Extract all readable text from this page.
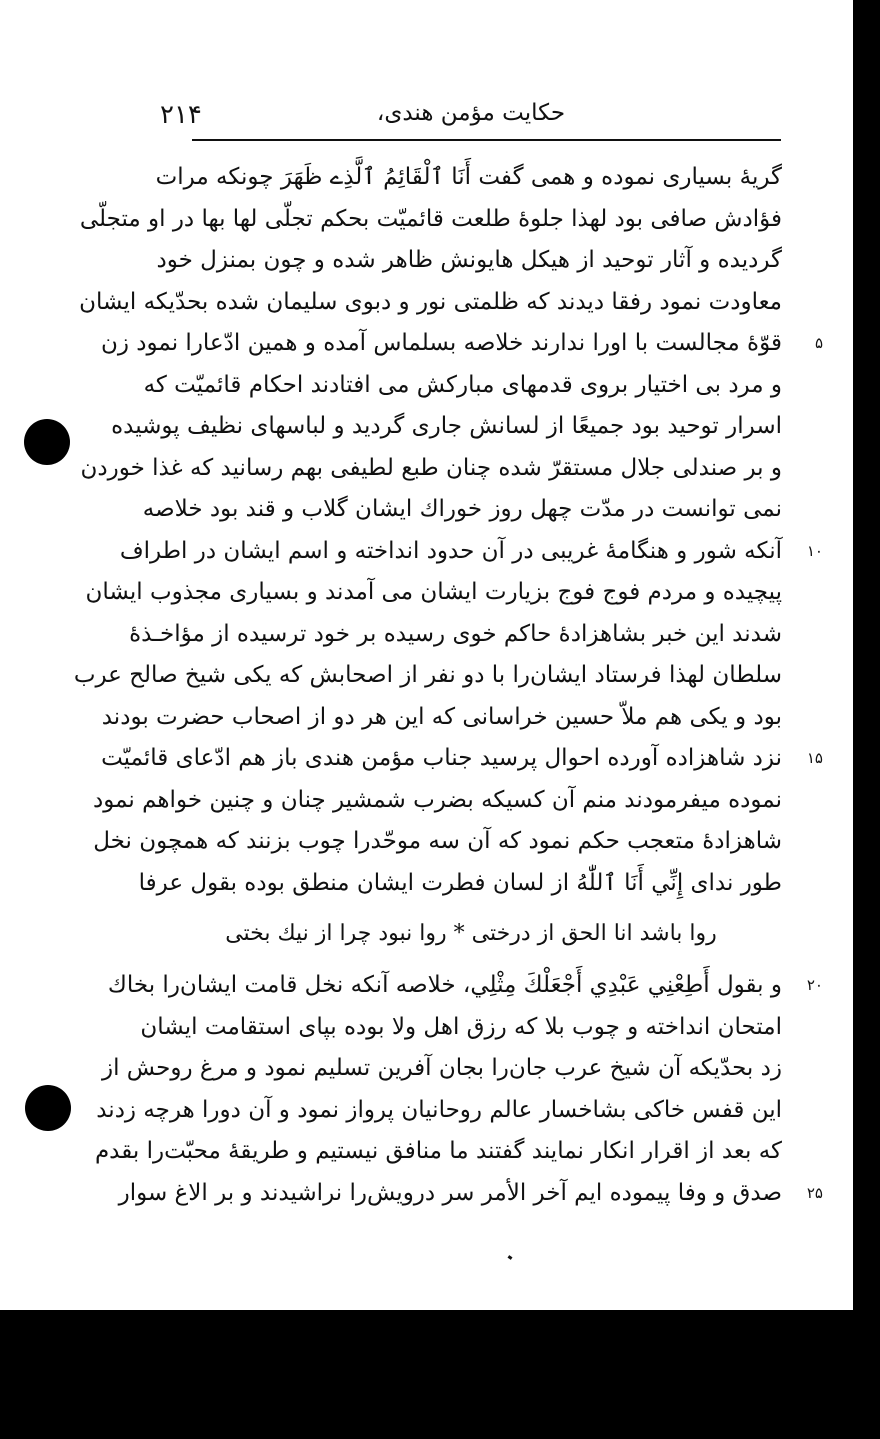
۲۱۴	حکایت مؤمن هندی،
گریهٔ بسیاری نموده و همی گفت أَنَا ٱلْقَائِمُ ٱلَّذِے ظَهَرَ چونکه مرات
فؤادش صافی بود لهذا جلوهٔ طلعت قائمیّت بحکم تجلّی لها بها در او متجلّی
گردیده و آثار توحید از هیکل هایونش ظاهر شده و چون بمنزل خود
معاودت نمود رفقا دیدند که ظلمتی نور و دبوی سلیمان شده بحدّیکه ایشان
قوّهٔ مجالست با اورا ندارند خلاصه بسلماس آمده و همین ادّعارا نمود زن
و مرد بی اختیار بروی قدمهای مبارکش می افتادند احکام قائمیّت که
اسرار توحید بود جمیعًا از لسانش جاری گردید و لباسهای نظیف پوشیده
و بر صندلی جلال مستقرّ شده چنان طبع لطیفی بهم رسانید که غذا خوردن
نمی توانست در مدّت چهل روز خوراك ایشان گلاب و قند بود خلاصه
آنکه شور و هنگامهٔ غریبی در آن حدود انداخته و اسم ایشان در اطراف
پیچیده و مردم فوج فوج بزیارت ایشان می آمدند و بسیاری مجذوب ایشان
شدند این خبر بشاهزادهٔ حاکم خوی رسیده بر خود ترسیده از مؤاخـذهٔ
سلطان لهذا فرستاد ایشان‌را با دو نفر از اصحابش که یکی شیخ صالح عرب
بود و یکی هم ملاّ حسین خراسانی که این هر دو از اصحاب حضرت بودند
نزد شاهزاده آورده احوال پرسید جناب مؤمن هندی باز هم ادّعای قائمیّت
نموده میفرمودند منم آن کسیکه بضرب شمشیر چنان و چنین خواهم نمود
شاهزادهٔ متعجب حکم نمود که آن سه موحّدرا چوب بزنند که همچون نخل
طور ندای إِنِّي أَنَا ٱللّٰهُ از لسان فطرت ایشان منطق بوده بقول عرفا
روا باشد انا الحق از درختی * روا نبود چرا از نیك بختی
و بقول أَطِعْنِي عَبْدِي أَجْعَلْكَ مِثْلِي، خلاصه آنکه نخل قامت ایشان‌را بخاك
امتحان انداخته و چوب بلا که رزق اهل ولا بوده بپای استقامت ایشان
زد بحدّیکه آن شیخ عرب جان‌را بجان آفرین تسلیم نمود و مرغ روحش از
این قفس خاکی بشاخسار عالم روحانیان پرواز نمود و آن دورا هرچه زدند
که بعد از اقرار انکار نمایند گفتند ما منافق نیستیم و طریقهٔ محبّت‌را بقدم
صدق و وفا پیموده ایم آخر الأمر سر درویش‌را نراشیدند و بر الاغ سوار
۵
۱۰
۱۵
۲۰
۲۵
